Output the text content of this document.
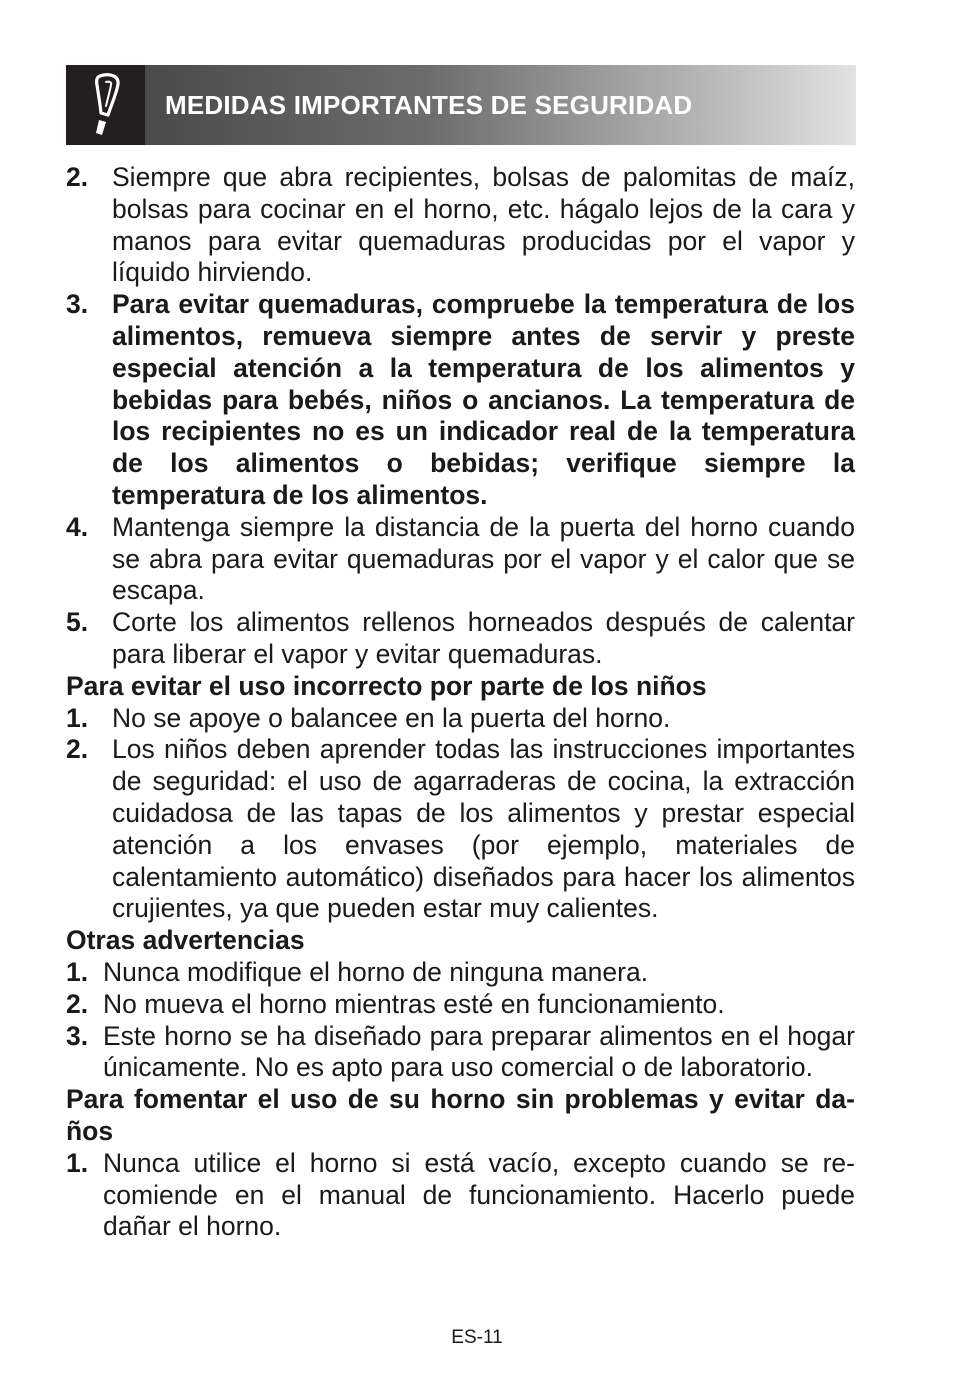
MEDIDAS IMPORTANTES DE SEGURIDAD
2. Siempre que abra recipientes, bolsas de palomitas de maíz, bolsas para cocinar en el horno, etc. hágalo lejos de la cara y manos para evitar quemaduras producidas por el vapor y líquido hirviendo.
3. Para evitar quemaduras, compruebe la temperatura de los alimentos, remueva siempre antes de servir y preste especial atención a la temperatura de los alimentos y bebidas para bebés, niños o ancianos. La temperatura de los recipientes no es un indicador real de la temperatura de los alimentos o bebidas; verifique siempre la temperatura de los alimentos.
4. Mantenga siempre la distancia de la puerta del horno cuando se abra para evitar quemaduras por el vapor y el calor que se escapa.
5. Corte los alimentos rellenos horneados después de calentar para liberar el vapor y evitar quemaduras.
Para evitar el uso incorrecto por parte de los niños
1. No se apoye o balancee en la puerta del horno.
2. Los niños deben aprender todas las instrucciones importantes de seguridad: el uso de agarraderas de cocina, la extracción cuidadosa de las tapas de los alimentos y prestar especial atención a los envases (por ejemplo, materiales de calentamiento automático) diseñados para hacer los alimentos crujientes, ya que pueden estar muy calientes.
Otras advertencias
1. Nunca modifique el horno de ninguna manera.
2. No mueva el horno mientras esté en funcionamiento.
3. Este horno se ha diseñado para preparar alimentos en el hogar únicamente. No es apto para uso comercial o de laboratorio.
Para fomentar el uso de su horno sin problemas y evitar daños
1. Nunca utilice el horno si está vacío, excepto cuando se recomiende en el manual de funcionamiento. Hacerlo puede dañar el horno.
ES-11
